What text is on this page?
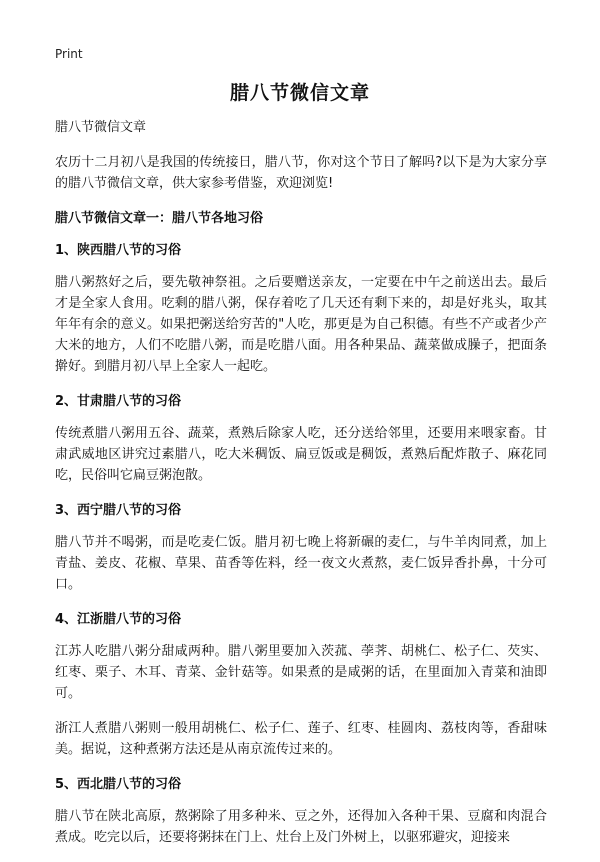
Print
腊八节微信文章

腊八节微信文章

农历十二月初八是我国的传统接日，腊八节，你对这个节日了解吗?以下是为大家分享的腊八节微信文章，供大家参考借鉴，欢迎浏览!

腊八节微信文章一：腊八节各地习俗

1、陕西腊八节的习俗

腊八粥熬好之后，要先敬神祭祖。之后要赠送亲友，一定要在中午之前送出去。最后才是全家人食用。吃剩的腊八粥，保存着吃了几天还有剩下来的，却是好兆头，取其年年有余的意义。如果把粥送给穷苦的"人吃，那更是为自己积德。有些不产或者少产大米的地方，人们不吃腊八粥，而是吃腊八面。用各种果品、蔬菜做成臊子，把面条擀好。到腊月初八早上全家人一起吃。

2、甘肃腊八节的习俗

传统煮腊八粥用五谷、蔬菜，煮熟后除家人吃，还分送给邻里，还要用来喂家畜。甘肃武威地区讲究过素腊八，吃大米稠饭、扁豆饭或是稠饭，煮熟后配炸散子、麻花同吃，民俗叫它扁豆粥泡散。

3、西宁腊八节的习俗

腊八节并不喝粥，而是吃麦仁饭。腊月初七晚上将新碾的麦仁，与牛羊肉同煮，加上青盐、姜皮、花椒、草果、苗香等佐料，经一夜文火煮熬，麦仁饭异香扑鼻，十分可口。

4、江浙腊八节的习俗

江苏人吃腊八粥分甜咸两种。腊八粥里要加入茨菰、荸荠、胡桃仁、松子仁、芡实、红枣、栗子、木耳、青菜、金针菇等。如果煮的是咸粥的话，在里面加入青菜和油即可。

浙江人煮腊八粥则一般用胡桃仁、松子仁、莲子、红枣、桂圆肉、荔枝肉等，香甜味美。据说，这种煮粥方法还是从南京流传过来的。

5、西北腊八节的习俗

腊八节在陕北高原，熬粥除了用多种米、豆之外，还得加入各种干果、豆腐和肉混合煮成。吃完以后，还要将粥抹在门上、灶台上及门外树上，以驱邪避灾，迎接来
